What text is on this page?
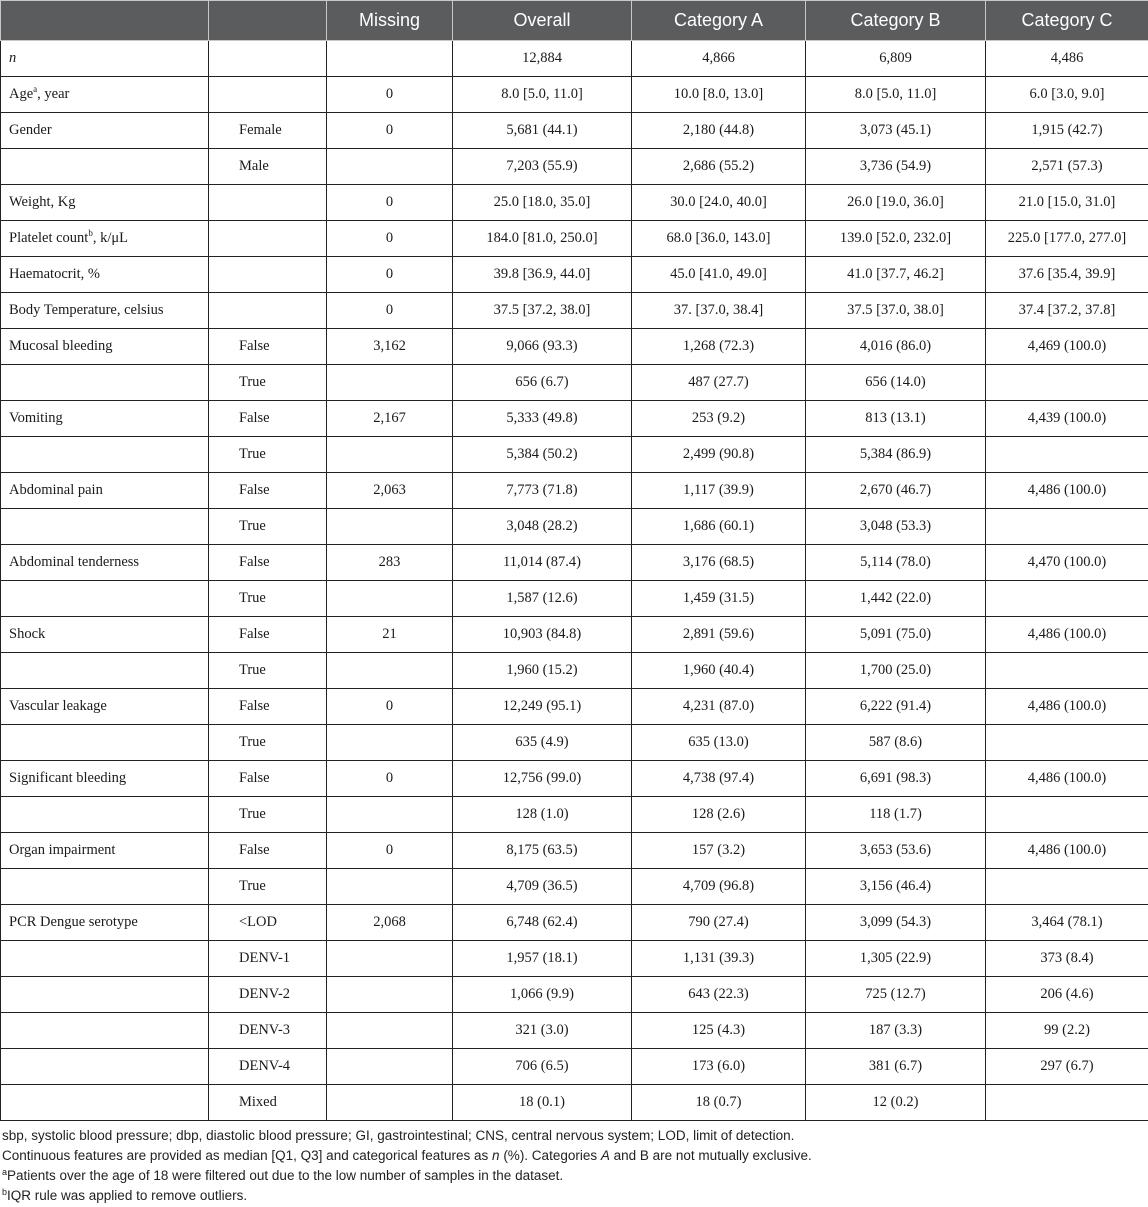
		Missing	Overall	Category A	Category B	Category C
n			12,884	4,866	6,809	4,486
Age$^a$, year		0	8.0 [5.0, 11.0]	10.0 [8.0, 13.0]	8.0 [5.0, 11.0]	6.0 [3.0, 9.0]
Gender	Female	0	5,681 (44.1)	2,180 (44.8)	3,073 (45.1)	1,915 (42.7)
	Male		7,203 (55.9)	2,686 (55.2)	3,736 (54.9)	2,571 (57.3)
Weight, Kg		0	25.0 [18.0, 35.0]	30.0 [24.0, 40.0]	26.0 [19.0, 36.0]	21.0 [15.0, 31.0]
Platelet count$^b$, k/μL		0	184.0 [81.0, 250.0]	68.0 [36.0, 143.0]	139.0 [52.0, 232.0]	225.0 [177.0, 277.0]
Haematocrit, %		0	39.8 [36.9, 44.0]	45.0 [41.0, 49.0]	41.0 [37.7, 46.2]	37.6 [35.4, 39.9]
Body Temperature, celsius		0	37.5 [37.2, 38.0]	37. [37.0, 38.4]	37.5 [37.0, 38.0]	37.4 [37.2, 37.8]
Mucosal bleeding	False	3,162	9,066 (93.3)	1,268 (72.3)	4,016 (86.0)	4,469 (100.0)
	True		656 (6.7)	487 (27.7)	656 (14.0)	
Vomiting	False	2,167	5,333 (49.8)	253 (9.2)	813 (13.1)	4,439 (100.0)
	True		5,384 (50.2)	2,499 (90.8)	5,384 (86.9)	
Abdominal pain	False	2,063	7,773 (71.8)	1,117 (39.9)	2,670 (46.7)	4,486 (100.0)
	True		3,048 (28.2)	1,686 (60.1)	3,048 (53.3)	
Abdominal tenderness	False	283	11,014 (87.4)	3,176 (68.5)	5,114 (78.0)	4,470 (100.0)
	True		1,587 (12.6)	1,459 (31.5)	1,442 (22.0)	
Shock	False	21	10,903 (84.8)	2,891 (59.6)	5,091 (75.0)	4,486 (100.0)
	True		1,960 (15.2)	1,960 (40.4)	1,700 (25.0)	
Vascular leakage	False	0	12,249 (95.1)	4,231 (87.0)	6,222 (91.4)	4,486 (100.0)
	True		635 (4.9)	635 (13.0)	587 (8.6)	
Significant bleeding	False	0	12,756 (99.0)	4,738 (97.4)	6,691 (98.3)	4,486 (100.0)
	True		128 (1.0)	128 (2.6)	118 (1.7)	
Organ impairment	False	0	8,175 (63.5)	157 (3.2)	3,653 (53.6)	4,486 (100.0)
	True		4,709 (36.5)	4,709 (96.8)	3,156 (46.4)	
PCR Dengue serotype	<LOD	2,068	6,748 (62.4)	790 (27.4)	3,099 (54.3)	3,464 (78.1)
	DENV-1		1,957 (18.1)	1,131 (39.3)	1,305 (22.9)	373 (8.4)
	DENV-2		1,066 (9.9)	643 (22.3)	725 (12.7)	206 (4.6)
	DENV-3		321 (3.0)	125 (4.3)	187 (3.3)	99 (2.2)
	DENV-4		706 (6.5)	173 (6.0)	381 (6.7)	297 (6.7)
	Mixed		18 (0.1)	18 (0.7)	12 (0.2)	
sbp, systolic blood pressure; dbp, diastolic blood pressure; GI, gastrointestinal; CNS, central nervous system; LOD, limit of detection.
Continuous features are provided as median [Q1, Q3] and categorical features as n (%). Categories A and B are not mutually exclusive.
$^a$Patients over the age of 18 were filtered out due to the low number of samples in the dataset.
$^b$IQR rule was applied to remove outliers.
